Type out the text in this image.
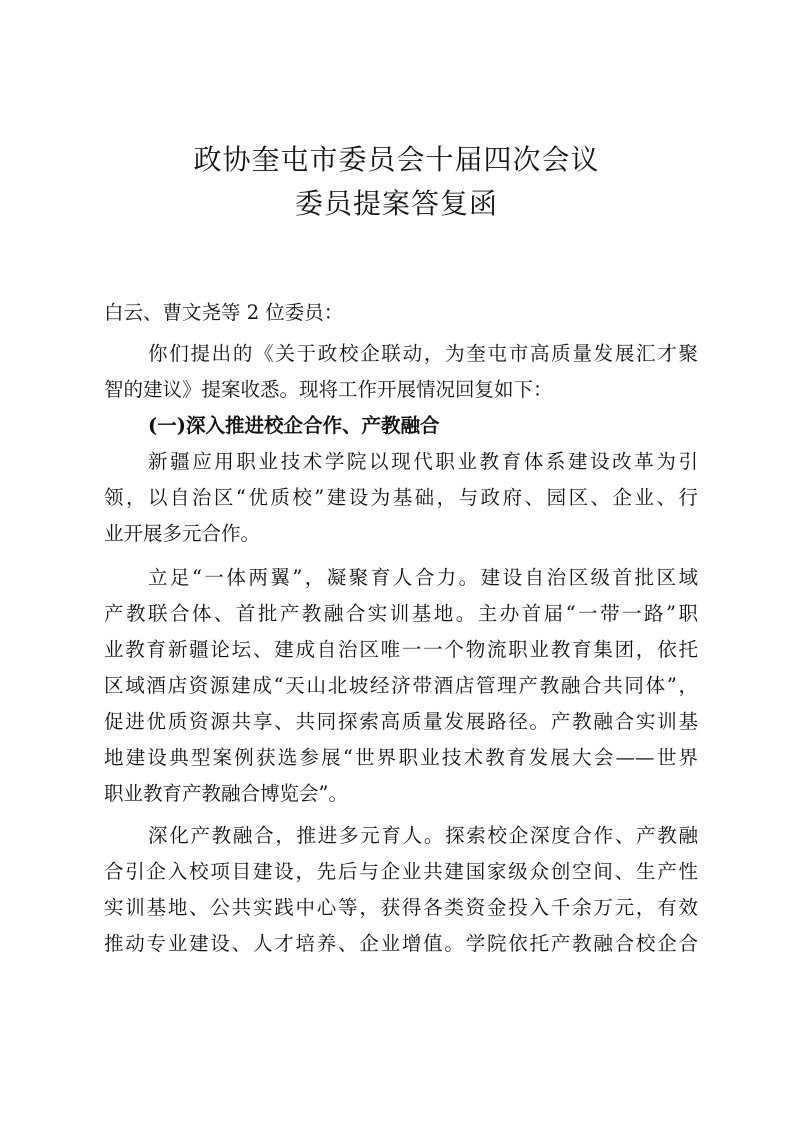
政协奎屯市委员会十届四次会议
委员提案答复函
白云、曹文尧等 2 位委员：
你们提出的《关于政校企联动，为奎屯市高质量发展汇才聚
智的建议》提案收悉。现将工作开展情况回复如下：
(一)深入推进校企合作、产教融合
新疆应用职业技术学院以现代职业教育体系建设改革为引
领，以自治区“优质校”建设为基础，与政府、园区、企业、行
业开展多元合作。
立足“一体两翼”，凝聚育人合力。建设自治区级首批区域
产教联合体、首批产教融合实训基地。主办首届“一带一路”职
业教育新疆论坛、建成自治区唯一一个物流职业教育集团，依托
区域酒店资源建成“天山北坡经济带酒店管理产教融合共同体”，
促进优质资源共享、共同探索高质量发展路径。产教融合实训基
地建设典型案例获选参展“世界职业技术教育发展大会——世界
职业教育产教融合博览会”。
深化产教融合，推进多元育人。探索校企深度合作、产教融
合引企入校项目建设，先后与企业共建国家级众创空间、生产性
实训基地、公共实践中心等，获得各类资金投入千余万元，有效
推动专业建设、人才培养、企业增值。学院依托产教融合校企合
